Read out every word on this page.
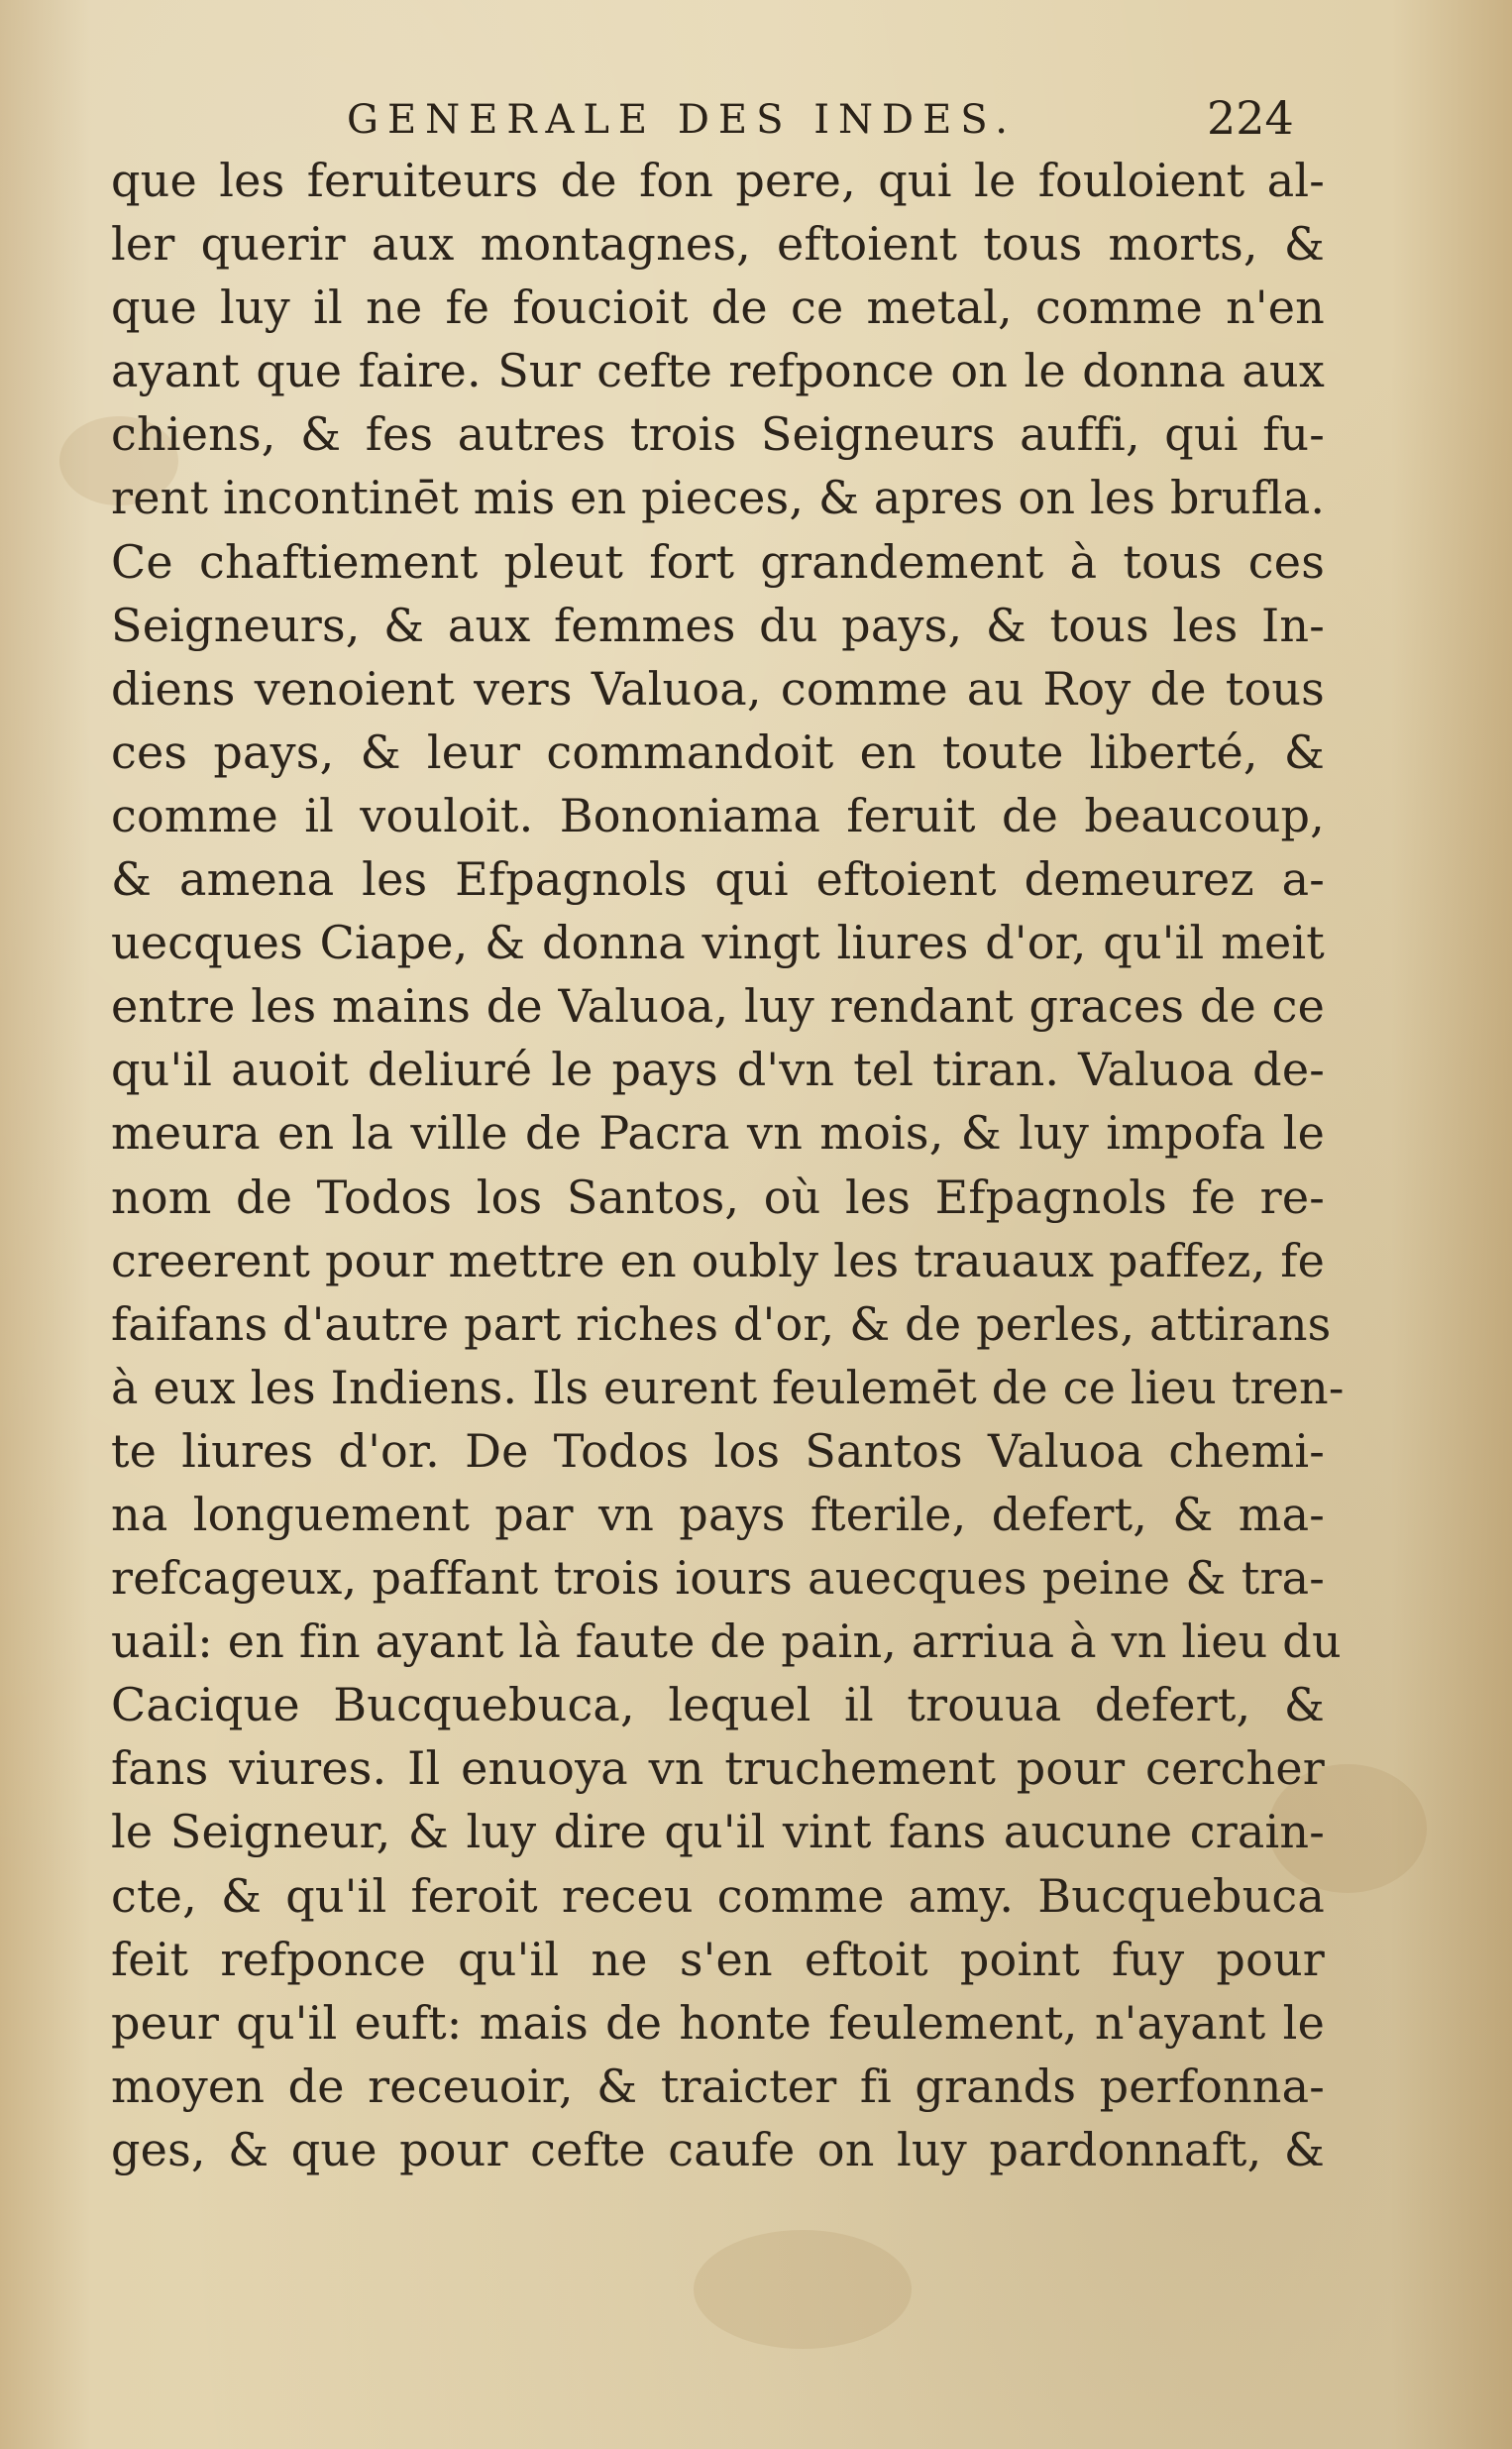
GENERALE DES INDES.	224
que les feruiteurs de fon pere, qui le fouloient al-
ler querir aux montagnes, eftoient tous morts, &
que luy il ne fe foucioit de ce metal, comme n'en
ayant que faire. Sur cefte refponce on le donna aux
chiens, & fes autres trois Seigneurs auffi, qui fu-
rent incontinēt mis en pieces, & apres on les brufla.
Ce chaftiement pleut fort grandement à tous ces
Seigneurs, & aux femmes du pays, & tous les In-
diens venoient vers Valuoa, comme au Roy de tous
ces pays, & leur commandoit en toute liberté, &
comme il vouloit. Bononiama feruit de beaucoup,
& amena les Efpagnols qui eftoient demeurez a-
uecques Ciape, & donna vingt liures d'or, qu'il meit
entre les mains de Valuoa, luy rendant graces de ce
qu'il auoit deliuré le pays d'vn tel tiran. Valuoa de-
meura en la ville de Pacra vn mois, & luy impofa le
nom de Todos los Santos, où les Efpagnols fe re-
creerent pour mettre en oubly les trauaux paffez, fe
faifans d'autre part riches d'or, & de perles, attirans
à eux les Indiens. Ils eurent feulemēt de ce lieu tren-
te liures d'or. De Todos los Santos Valuoa chemi-
na longuement par vn pays fterile, defert, & ma-
refcageux, paffant trois iours auecques peine & tra-
uail: en fin ayant là faute de pain, arriua à vn lieu du
Cacique Bucquebuca, lequel il trouua defert, &
fans viures. Il enuoya vn truchement pour cercher
le Seigneur, & luy dire qu'il vint fans aucune crain-
cte, & qu'il feroit receu comme amy. Bucquebuca
feit refponce qu'il ne s'en eftoit point fuy pour
peur qu'il euft: mais de honte feulement, n'ayant le
moyen de receuoir, & traicter fi grands perfonna-
ges, & que pour cefte caufe on luy pardonnaft, &
